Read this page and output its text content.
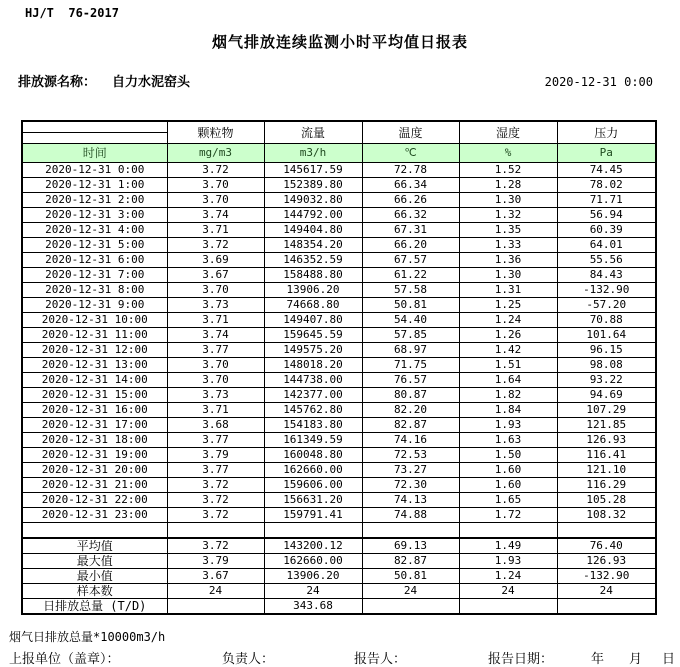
HJ/T  76-2017
烟气排放连续监测小时平均值日报表
排放源名称： 自力水泥窑头	2020-12-31 0:00
	颗粒物	流量	温度	湿度	压力

时间	mg/m3	m3/h	℃	%	Pa
2020-12-31 0:00	3.72	145617.59	72.78	1.52	74.45
2020-12-31 1:00	3.70	152389.80	66.34	1.28	78.02
2020-12-31 2:00	3.70	149032.80	66.26	1.30	71.71
2020-12-31 3:00	3.74	144792.00	66.32	1.32	56.94
2020-12-31 4:00	3.71	149404.80	67.31	1.35	60.39
2020-12-31 5:00	3.72	148354.20	66.20	1.33	64.01
2020-12-31 6:00	3.69	146352.59	67.57	1.36	55.56
2020-12-31 7:00	3.67	158488.80	61.22	1.30	84.43
2020-12-31 8:00	3.70	13906.20	57.58	1.31	-132.90
2020-12-31 9:00	3.73	74668.80	50.81	1.25	-57.20
2020-12-31 10:00	3.71	149407.80	54.40	1.24	70.88
2020-12-31 11:00	3.74	159645.59	57.85	1.26	101.64
2020-12-31 12:00	3.77	149575.20	68.97	1.42	96.15
2020-12-31 13:00	3.70	148018.20	71.75	1.51	98.08
2020-12-31 14:00	3.70	144738.00	76.57	1.64	93.22
2020-12-31 15:00	3.73	142377.00	80.87	1.82	94.69
2020-12-31 16:00	3.71	145762.80	82.20	1.84	107.29
2020-12-31 17:00	3.68	154183.80	82.87	1.93	121.85
2020-12-31 18:00	3.77	161349.59	74.16	1.63	126.93
2020-12-31 19:00	3.79	160048.80	72.53	1.50	116.41
2020-12-31 20:00	3.77	162660.00	73.27	1.60	121.10
2020-12-31 21:00	3.72	159606.00	72.30	1.60	116.29
2020-12-31 22:00	3.72	156631.20	74.13	1.65	105.28
2020-12-31 23:00	3.72	159791.41	74.88	1.72	108.32

平均值	3.72	143200.12	69.13	1.49	76.40
最大值	3.79	162660.00	82.87	1.93	126.93
最小值	3.67	13906.20	50.81	1.24	-132.90
样本数	24	24	24	24	24
日排放总量 (T/D)		343.68			
烟气日排放总量*10000m3/h
上报单位（盖章）：	负责人：	报告人：	报告日期：	年 月 日
